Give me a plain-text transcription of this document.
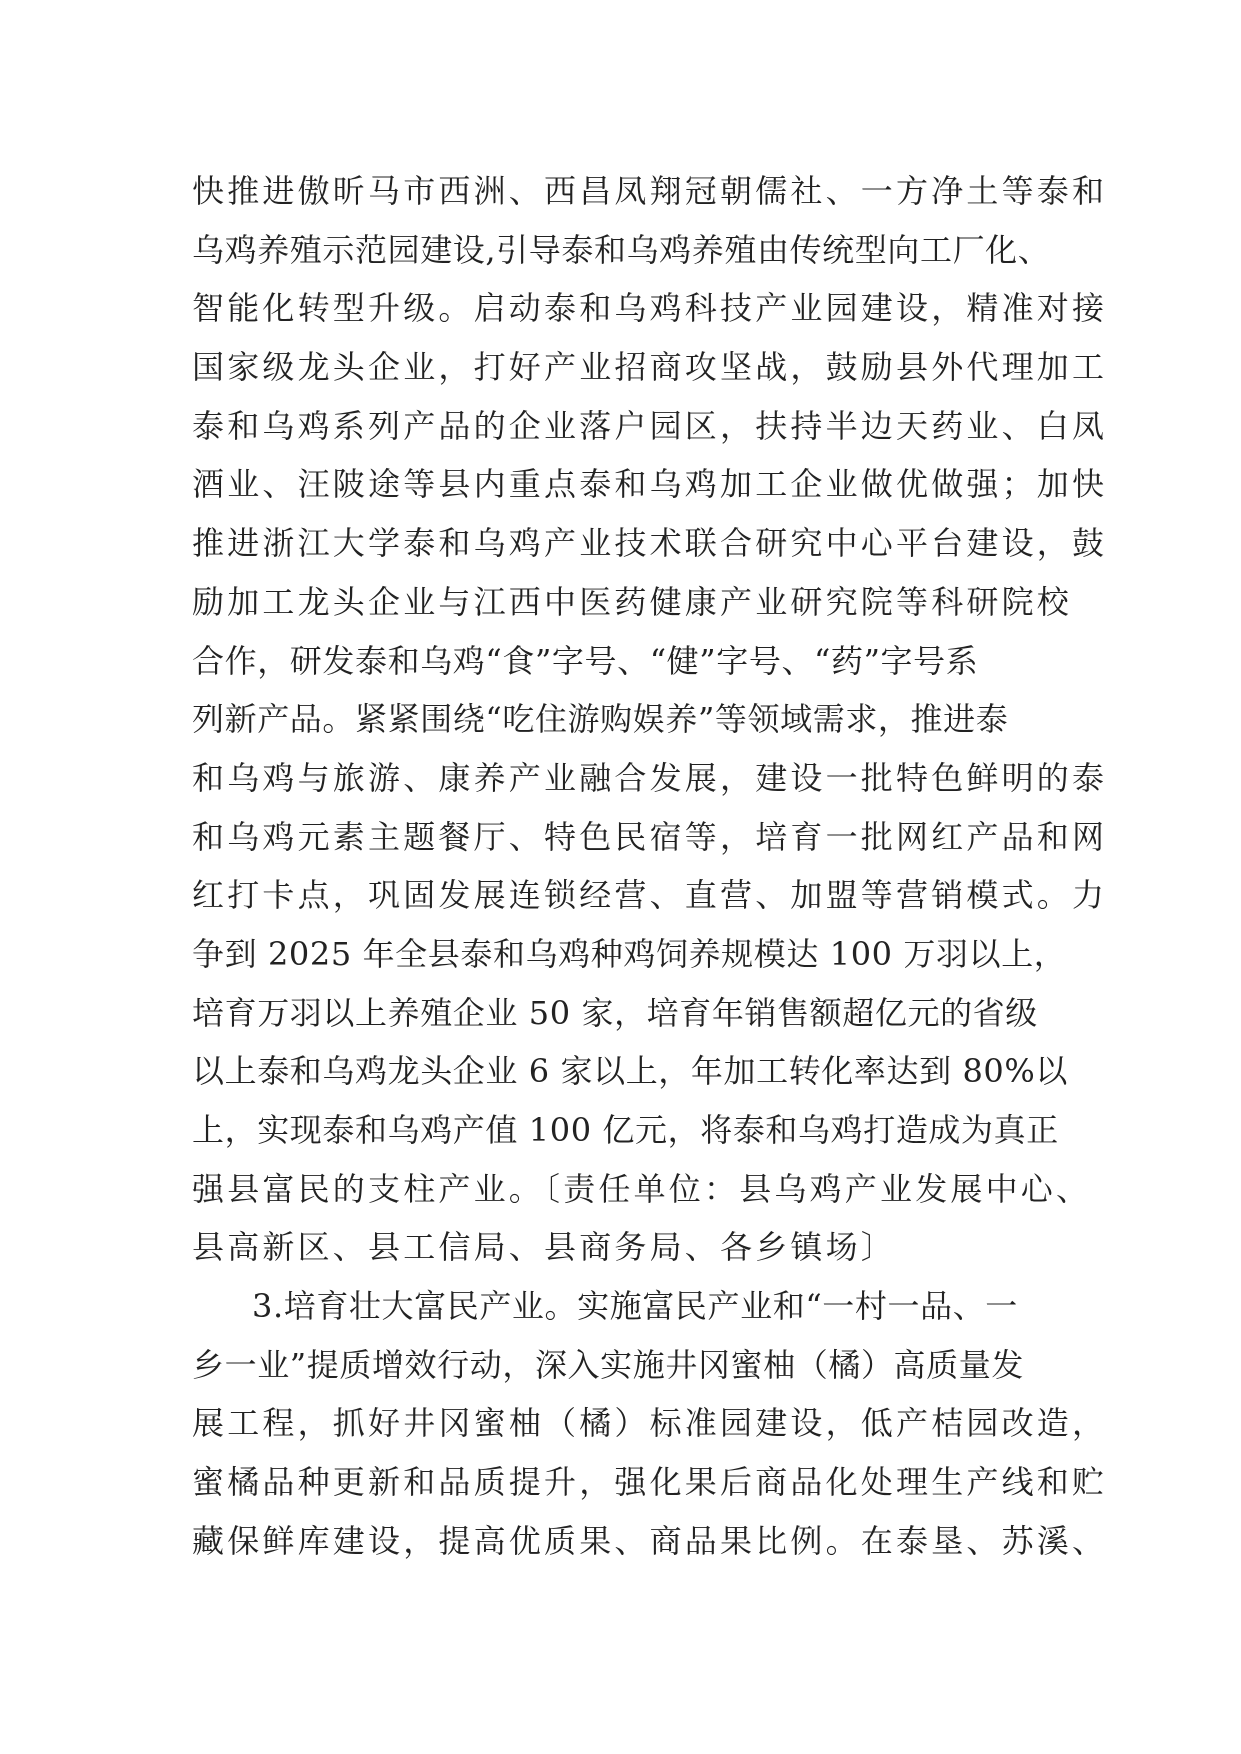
快推进傲昕马市西洲、西昌凤翔冠朝儒社、一方净土等泰和
乌鸡养殖示范园建设,引导泰和乌鸡养殖由传统型向工厂化、
智能化转型升级。启动泰和乌鸡科技产业园建设，精准对接
国家级龙头企业，打好产业招商攻坚战，鼓励县外代理加工
泰和乌鸡系列产品的企业落户园区，扶持半边天药业、白凤
酒业、汪陂途等县内重点泰和乌鸡加工企业做优做强；加快
推进浙江大学泰和乌鸡产业技术联合研究中心平台建设，鼓
励加工龙头企业与江西中医药健康产业研究院等科研院校
合作，研发泰和乌鸡“食”字号、“健”字号、“药”字号系
列新产品。紧紧围绕“吃住游购娱养”等领域需求，推进泰
和乌鸡与旅游、康养产业融合发展，建设一批特色鲜明的泰
和乌鸡元素主题餐厅、特色民宿等，培育一批网红产品和网
红打卡点，巩固发展连锁经营、直营、加盟等营销模式。力
争到 2025 年全县泰和乌鸡种鸡饲养规模达 100 万羽以上，
培育万羽以上养殖企业 50 家，培育年销售额超亿元的省级
以上泰和乌鸡龙头企业 6 家以上，年加工转化率达到 80%以
上，实现泰和乌鸡产值 100 亿元，将泰和乌鸡打造成为真正
强县富民的支柱产业。〔责任单位：县乌鸡产业发展中心、
县高新区、县工信局、县商务局、各乡镇场〕
3.培育壮大富民产业。实施富民产业和“一村一品、一
乡一业”提质增效行动，深入实施井冈蜜柚（橘）高质量发
展工程，抓好井冈蜜柚（橘）标准园建设，低产桔园改造，
蜜橘品种更新和品质提升，强化果后商品化处理生产线和贮
藏保鲜库建设，提高优质果、商品果比例。在泰垦、苏溪、
